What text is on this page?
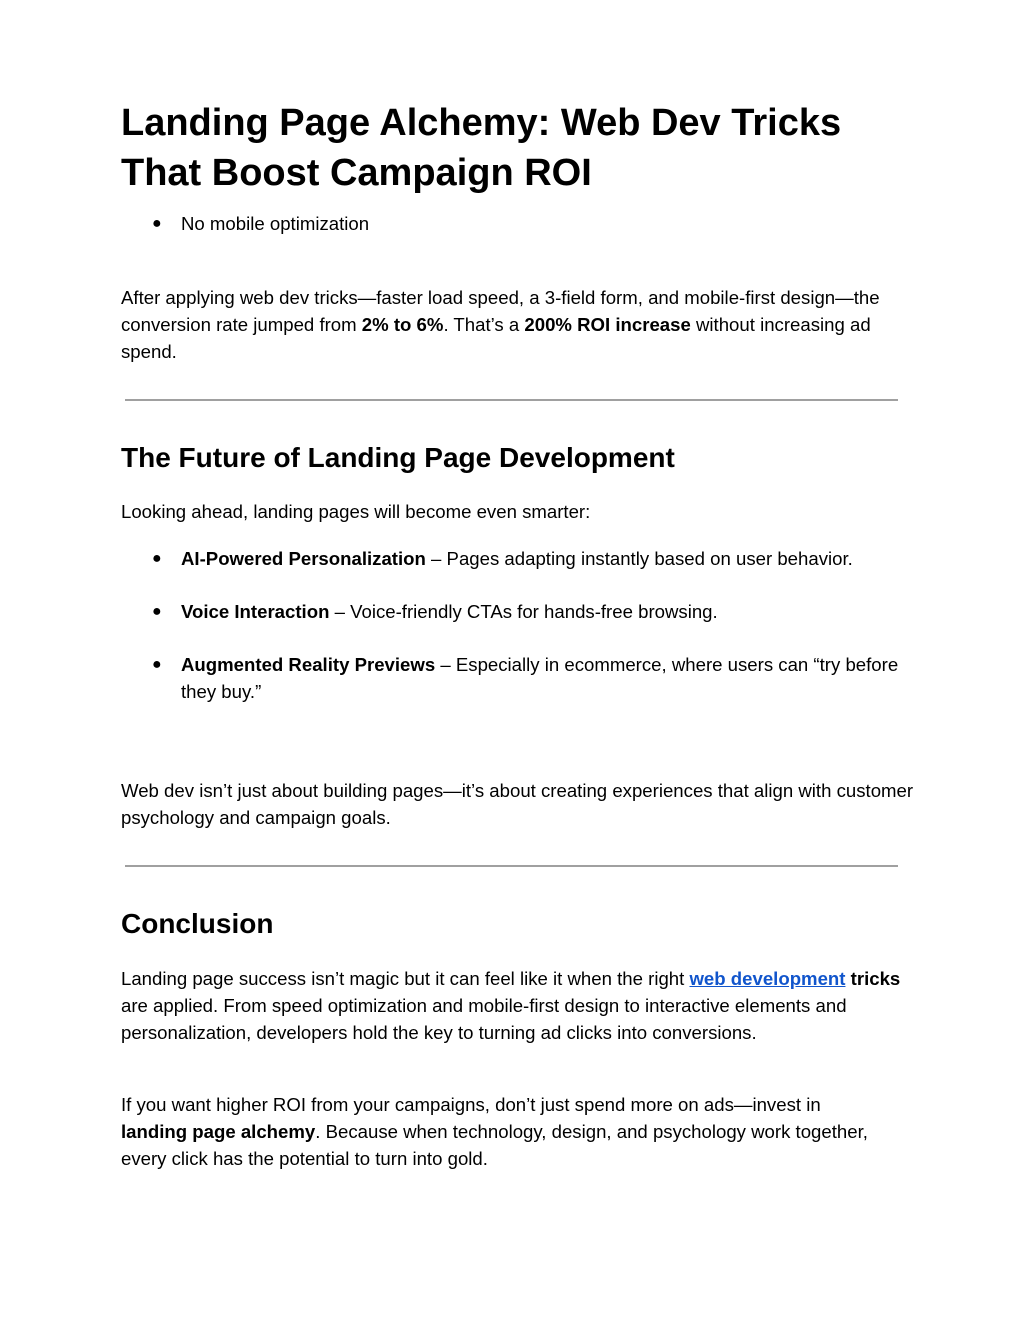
Landing Page Alchemy: Web Dev Tricks That Boost Campaign ROI
● No mobile optimization

After applying web dev tricks—faster load speed, a 3-field form, and mobile-first design—the conversion rate jumped from 2% to 6%. That’s a 200% ROI increase without increasing ad spend.

The Future of Landing Page Development

Looking ahead, landing pages will become even smarter:

● AI-Powered Personalization – Pages adapting instantly based on user behavior.
● Voice Interaction – Voice-friendly CTAs for hands-free browsing.
● Augmented Reality Previews – Especially in ecommerce, where users can “try before they buy.”

Web dev isn’t just about building pages—it’s about creating experiences that align with customer psychology and campaign goals.

Conclusion

Landing page success isn’t magic but it can feel like it when the right web development tricks are applied. From speed optimization and mobile-first design to interactive elements and personalization, developers hold the key to turning ad clicks into conversions.

If you want higher ROI from your campaigns, don’t just spend more on ads—invest in landing page alchemy. Because when technology, design, and psychology work together, every click has the potential to turn into gold.
